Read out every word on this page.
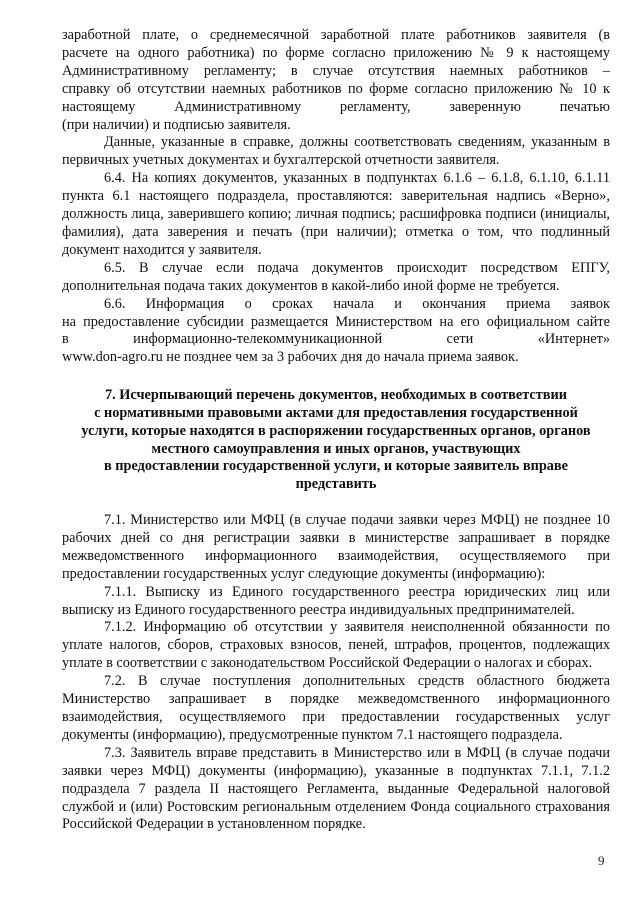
заработной плате, о среднемесячной заработной плате работников заявителя (в
расчете на одного работника) по форме согласно приложению № 9 к настоящему
Административному регламенту; в случае отсутствия наемных работников –
справку об отсутствии наемных работников по форме согласно приложению № 10 к
настоящему Административному регламенту, заверенную печатью
(при наличии) и подписью заявителя.

Данные, указанные в справке, должны соответствовать сведениям, указанным в первичных учетных документах и бухгалтерской отчетности заявителя.

6.4. На копиях документов, указанных в подпунктах 6.1.6 – 6.1.8, 6.1.10, 6.1.11 пункта 6.1 настоящего подраздела, проставляются: заверительная надпись «Верно», должность лица, заверившего копию; личная подпись; расшифровка подписи (инициалы, фамилия), дата заверения и печать (при наличии); отметка о том, что подлинный документ находится у заявителя.

6.5. В случае если подача документов происходит посредством ЕПГУ, дополнительная подача таких документов в какой-либо иной форме не требуется.

6.6. Информация о сроках начала и окончания приема заявок
на предоставление субсидии размещается Министерством на его официальном сайте
в информационно-телекоммуникационной сети «Интернет»
www.don-agro.ru не позднее чем за 3 рабочих дня до начала приема заявок.

7. Исчерпывающий перечень документов, необходимых в соответствии
с нормативными правовыми актами для предоставления государственной
услуги, которые находятся в распоряжении государственных органов, органов
местного самоуправления и иных органов, участвующих
в предоставлении государственной услуги, и которые заявитель вправе
представить

7.1. Министерство или МФЦ (в случае подачи заявки через МФЦ) не позднее 10 рабочих дней со дня регистрации заявки в министерстве запрашивает в порядке межведомственного информационного взаимодействия, осуществляемого при предоставлении государственных услуг следующие документы (информацию):

7.1.1. Выписку из Единого государственного реестра юридических лиц или выписку из Единого государственного реестра индивидуальных предпринимателей.

7.1.2. Информацию об отсутствии у заявителя неисполненной обязанности по уплате налогов, сборов, страховых взносов, пеней, штрафов, процентов, подлежащих уплате в соответствии с законодательством Российской Федерации о налогах и сборах.

7.2. В случае поступления дополнительных средств областного бюджета Министерство запрашивает в порядке межведомственного информационного взаимодействия, осуществляемого при предоставлении государственных услуг документы (информацию), предусмотренные пунктом 7.1 настоящего подраздела.

7.3. Заявитель вправе представить в Министерство или в МФЦ (в случае подачи заявки через МФЦ) документы (информацию), указанные в подпунктах 7.1.1, 7.1.2 подраздела 7 раздела II настоящего Регламента, выданные Федеральной налоговой службой и (или) Ростовским региональным отделением Фонда социального страхования Российской Федерации в установленном порядке.

9
